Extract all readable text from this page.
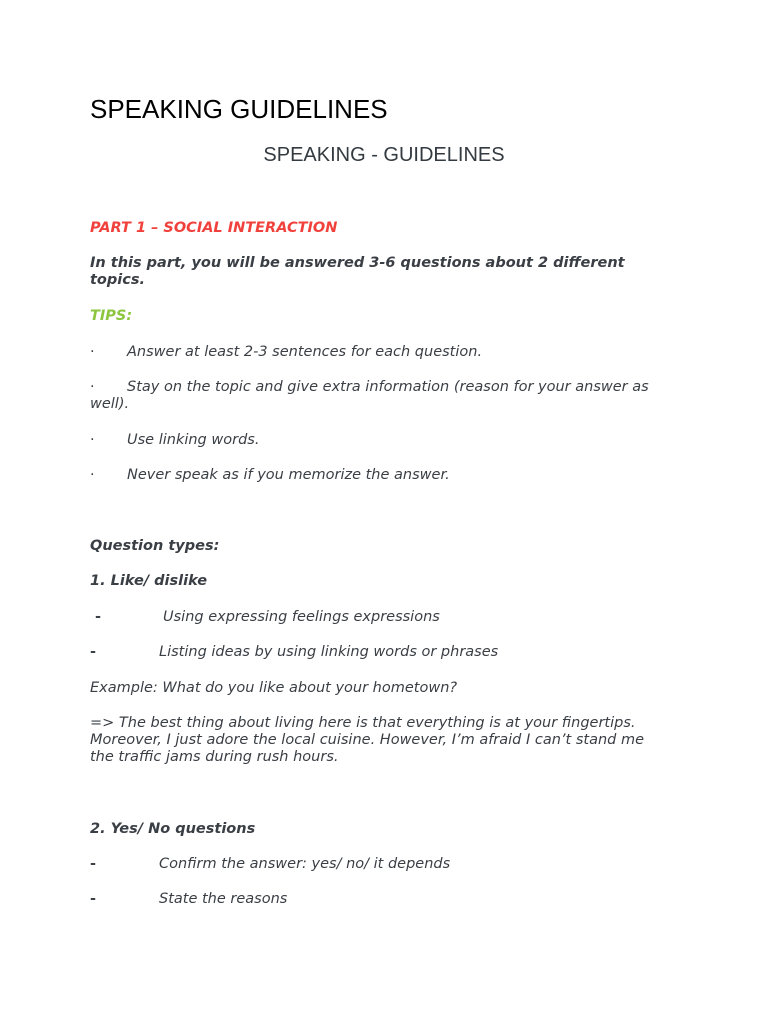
SPEAKING GUIDELINES
SPEAKING - GUIDELINES

PART 1 – SOCIAL INTERACTION

In this part, you will be answered 3-6 questions about 2 different topics.

TIPS:

·	Answer at least 2-3 sentences for each question.
·	Stay on the topic and give extra information (reason for your answer as well).
·	Use linking words.
·	Never speak as if you memorize the answer.

Question types:

1. Like/ dislike

-	Using expressing feelings expressions
-	Listing ideas by using linking words or phrases

Example: What do you like about your hometown?

=> The best thing about living here is that everything is at your fingertips. Moreover, I just adore the local cuisine. However, I’m afraid I can’t stand me the traffic jams during rush hours.

2. Yes/ No questions

-	Confirm the answer: yes/ no/ it depends
-	State the reasons
